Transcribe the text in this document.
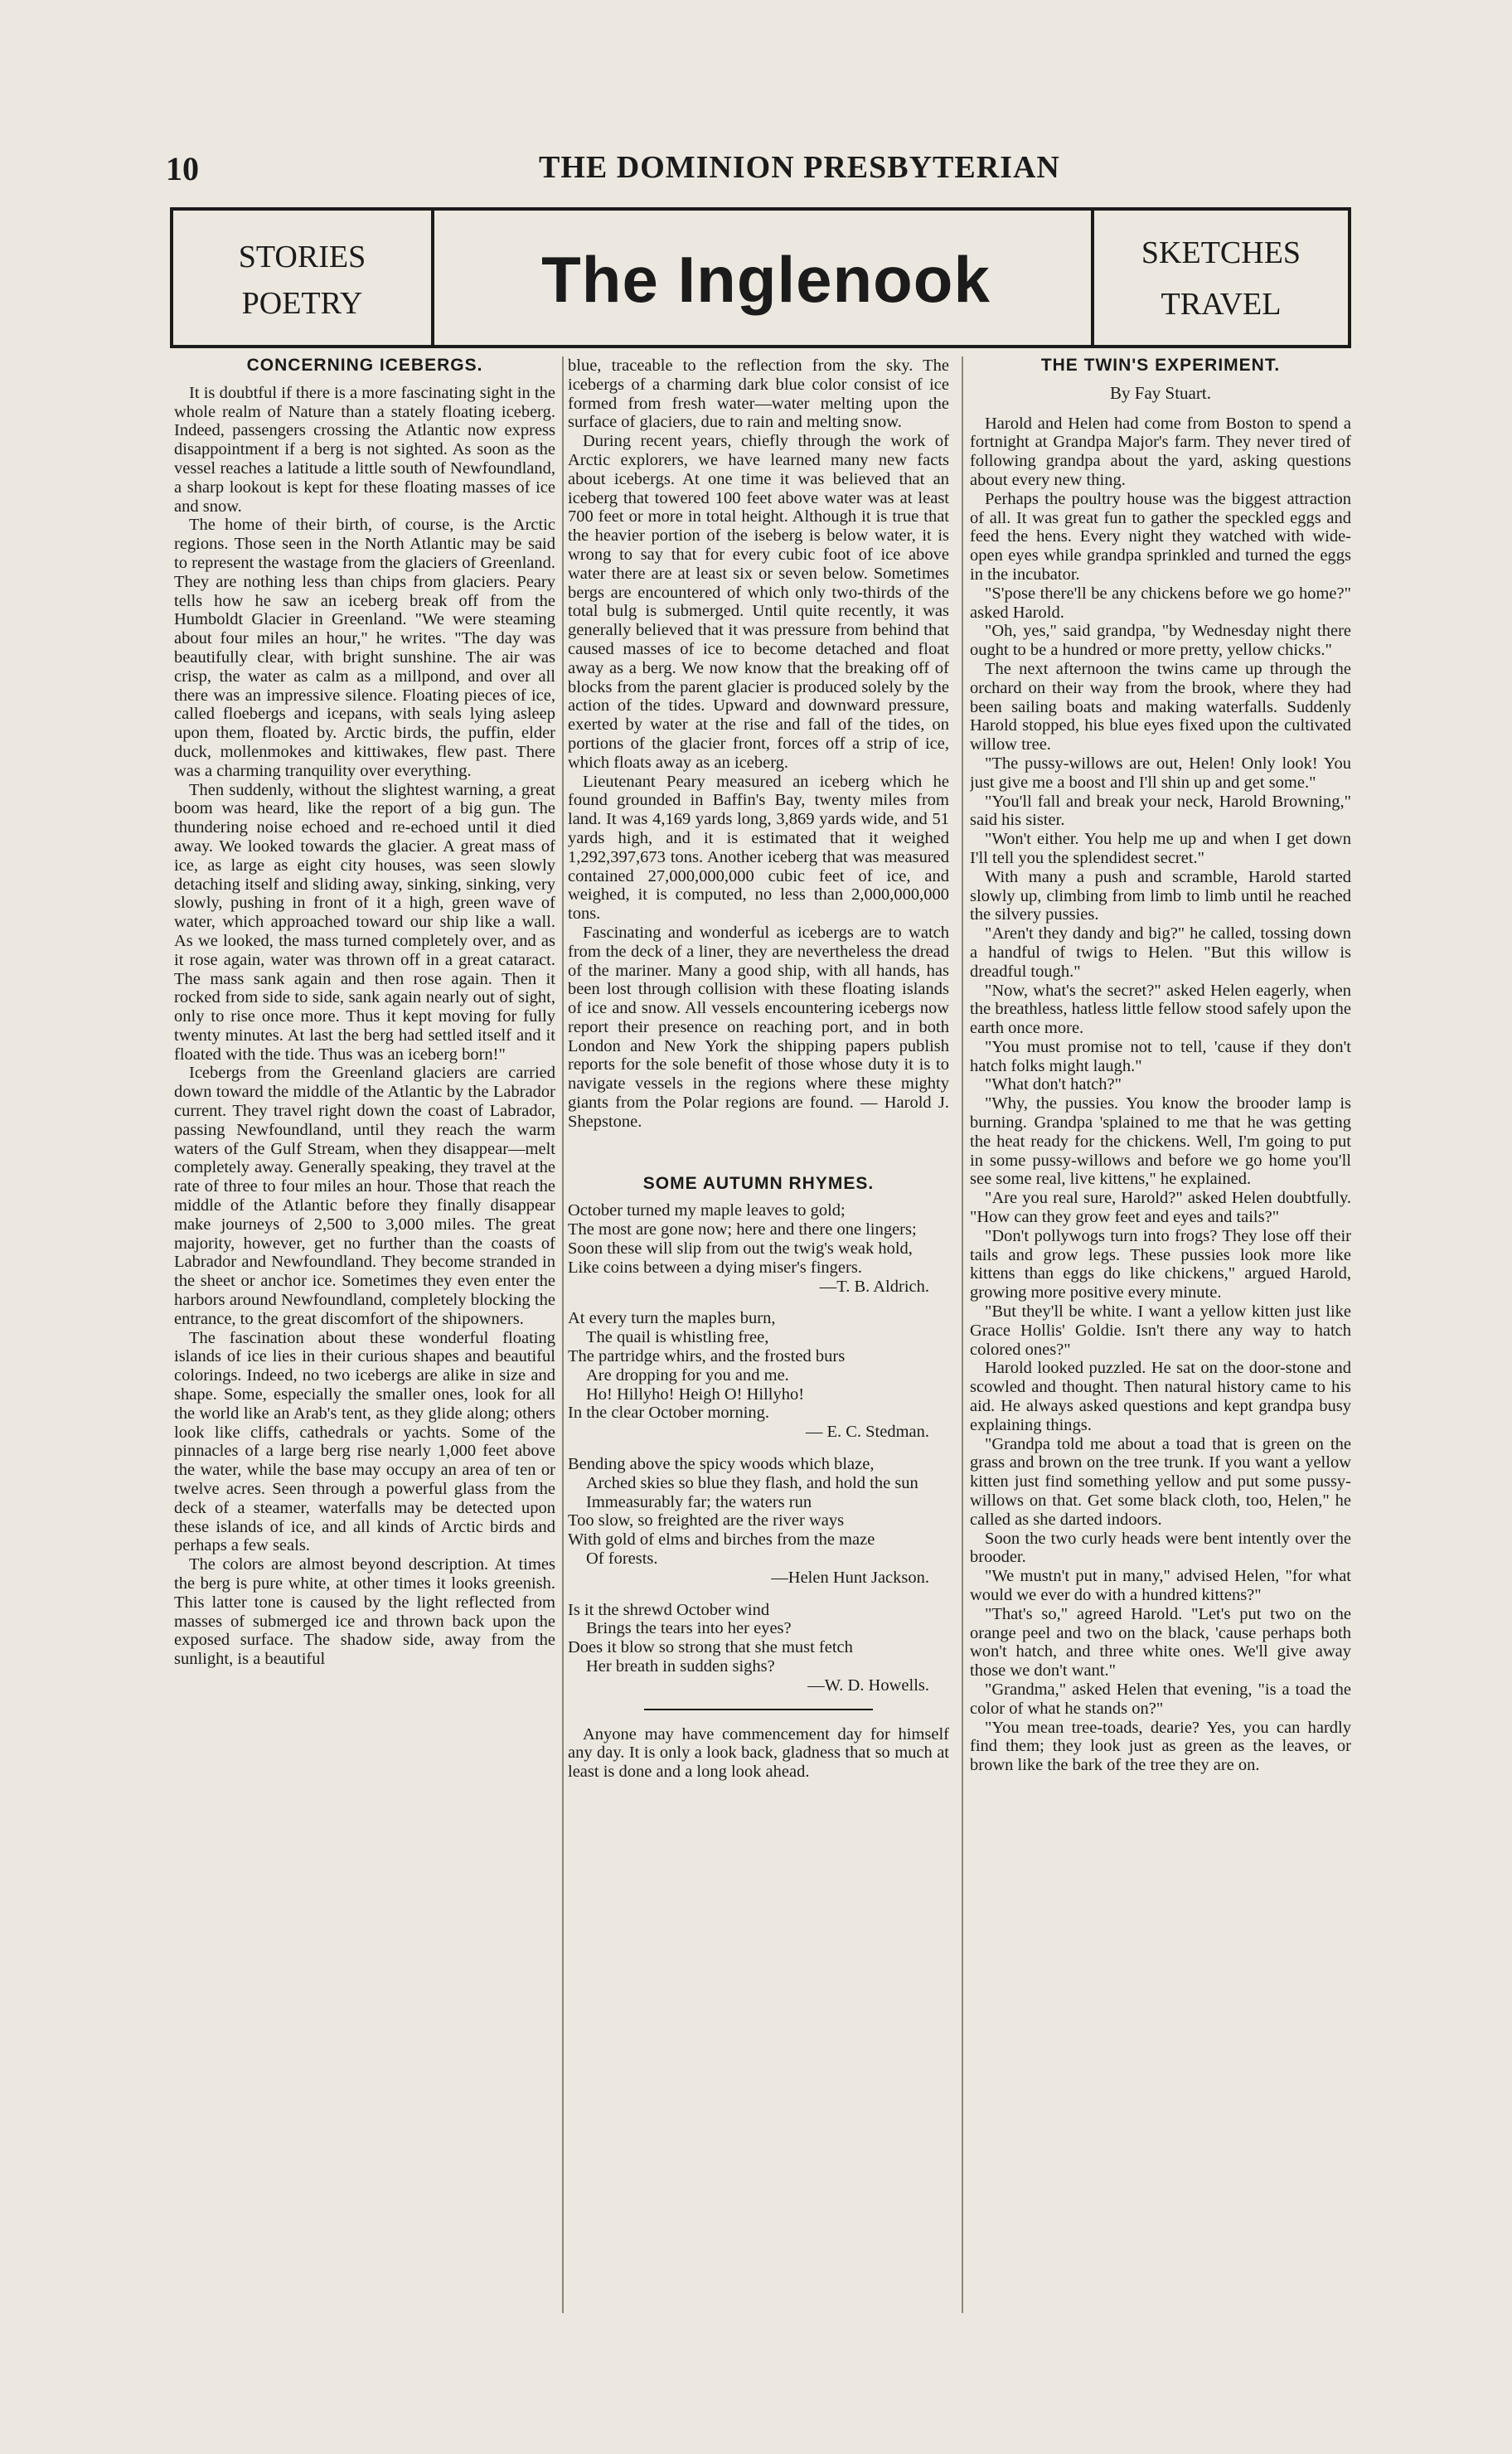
10	THE DOMINION PRESBYTERIAN
STORIES
POETRY	The Inglenook	SKETCHES
TRAVEL
CONCERNING ICEBERGS.

It is doubtful if there is a more fascinating sight in the whole realm of Nature than a stately floating iceberg. Indeed, passengers crossing the Atlantic now express disappointment if a berg is not sighted. As soon as the vessel reaches a latitude a little south of Newfoundland, a sharp lookout is kept for these floating masses of ice and snow.

The home of their birth, of course, is the Arctic regions. Those seen in the North Atlantic may be said to represent the wastage from the glaciers of Greenland. They are nothing less than chips from glaciers. Peary tells how he saw an iceberg break off from the Humboldt Glacier in Greenland. "We were steaming about four miles an hour," he writes. "The day was beautifully clear, with bright sunshine. The air was crisp, the water as calm as a millpond, and over all there was an impressive silence. Floating pieces of ice, called floebergs and icepans, with seals lying asleep upon them, floated by. Arctic birds, the puffin, elder duck, mollenmokes and kittiwakes, flew past. There was a charming tranquility over everything.

Then suddenly, without the slightest warning, a great boom was heard, like the report of a big gun. The thundering noise echoed and re-echoed until it died away. We looked towards the glacier. A great mass of ice, as large as eight city houses, was seen slowly detaching itself and sliding away, sinking, sinking, very slowly, pushing in front of it a high, green wave of water, which approached toward our ship like a wall. As we looked, the mass turned completely over, and as it rose again, water was thrown off in a great cataract. The mass sank again and then rose again. Then it rocked from side to side, sank again nearly out of sight, only to rise once more. Thus it kept moving for fully twenty minutes. At last the berg had settled itself and it floated with the tide. Thus was an iceberg born!"

Icebergs from the Greenland glaciers are carried down toward the middle of the Atlantic by the Labrador current. They travel right down the coast of Labrador, passing Newfoundland, until they reach the warm waters of the Gulf Stream, when they disappear—melt completely away. Generally speaking, they travel at the rate of three to four miles an hour. Those that reach the middle of the Atlantic before they finally disappear make journeys of 2,500 to 3,000 miles. The great majority, however, get no further than the coasts of Labrador and Newfoundland. They become stranded in the sheet or anchor ice. Sometimes they even enter the harbors around Newfoundland, completely blocking the entrance, to the great discomfort of the shipowners.

The fascination about these wonderful floating islands of ice lies in their curious shapes and beautiful colorings. Indeed, no two icebergs are alike in size and shape. Some, especially the smaller ones, look for all the world like an Arab's tent, as they glide along; others look like cliffs, cathedrals or yachts. Some of the pinnacles of a large berg rise nearly 1,000 feet above the water, while the base may occupy an area of ten or twelve acres. Seen through a powerful glass from the deck of a steamer, waterfalls may be detected upon these islands of ice, and all kinds of Arctic birds and perhaps a few seals.

The colors are almost beyond description. At times the berg is pure white, at other times it looks greenish. This latter tone is caused by the light reflected from masses of submerged ice and thrown back upon the exposed surface. The shadow side, away from the sunlight, is a beautiful

blue, traceable to the reflection from the sky. The icebergs of a charming dark blue color consist of ice formed from fresh water—water melting upon the surface of glaciers, due to rain and melting snow.

During recent years, chiefly through the work of Arctic explorers, we have learned many new facts about icebergs. At one time it was believed that an iceberg that towered 100 feet above water was at least 700 feet or more in total height. Although it is true that the heavier portion of the iseberg is below water, it is wrong to say that for every cubic foot of ice above water there are at least six or seven below. Sometimes bergs are encountered of which only two-thirds of the total bulg is submerged. Until quite recently, it was generally believed that it was pressure from behind that caused masses of ice to become detached and float away as a berg. We now know that the breaking off of blocks from the parent glacier is produced solely by the action of the tides. Upward and downward pressure, exerted by water at the rise and fall of the tides, on portions of the glacier front, forces off a strip of ice, which floats away as an iceberg.

Lieutenant Peary measured an iceberg which he found grounded in Baffin's Bay, twenty miles from land. It was 4,169 yards long, 3,869 yards wide, and 51 yards high, and it is estimated that it weighed 1,292,397,673 tons. Another iceberg that was measured contained 27,000,000,000 cubic feet of ice, and weighed, it is computed, no less than 2,000,000,000 tons.

Fascinating and wonderful as icebergs are to watch from the deck of a liner, they are nevertheless the dread of the mariner. Many a good ship, with all hands, has been lost through collision with these floating islands of ice and snow. All vessels encountering icebergs now report their presence on reaching port, and in both London and New York the shipping papers publish reports for the sole benefit of those whose duty it is to navigate vessels in the regions where these mighty giants from the Polar regions are found. — Harold J. Shepstone.

SOME AUTUMN RHYMES.
October turned my maple leaves to gold;
The most are gone now; here and there one lingers;
Soon these will slip from out the twig's weak hold,
Like coins between a dying miser's fingers.
—T. B. Aldrich.
At every turn the maples burn,
The quail is whistling free,
The partridge whirs, and the frosted burs
Are dropping for you and me.
Ho! Hillyho! Heigh O! Hillyho!
In the clear October morning.
— E. C. Stedman.
Bending above the spicy woods which blaze,
Arched skies so blue they flash, and hold the sun
Immeasurably far; the waters run
Too slow, so freighted are the river ways
With gold of elms and birches from the maze
Of forests.
—Helen Hunt Jackson.
Is it the shrewd October wind
Brings the tears into her eyes?
Does it blow so strong that she must fetch
Her breath in sudden sighs?
—W. D. Howells.

Anyone may have commencement day for himself any day. It is only a look back, gladness that so much at least is done and a long look ahead.

THE TWIN'S EXPERIMENT.
By Fay Stuart.

Harold and Helen had come from Boston to spend a fortnight at Grandpa Major's farm. They never tired of following grandpa about the yard, asking questions about every new thing.

Perhaps the poultry house was the biggest attraction of all. It was great fun to gather the speckled eggs and feed the hens. Every night they watched with wide-open eyes while grandpa sprinkled and turned the eggs in the incubator.

"S'pose there'll be any chickens before we go home?" asked Harold.

"Oh, yes," said grandpa, "by Wednesday night there ought to be a hundred or more pretty, yellow chicks."

The next afternoon the twins came up through the orchard on their way from the brook, where they had been sailing boats and making waterfalls. Suddenly Harold stopped, his blue eyes fixed upon the cultivated willow tree.

"The pussy-willows are out, Helen! Only look! You just give me a boost and I'll shin up and get some."

"You'll fall and break your neck, Harold Browning," said his sister.

"Won't either. You help me up and when I get down I'll tell you the splendidest secret."

With many a push and scramble, Harold started slowly up, climbing from limb to limb until he reached the silvery pussies.

"Aren't they dandy and big?" he called, tossing down a handful of twigs to Helen. "But this willow is dreadful tough."

"Now, what's the secret?" asked Helen eagerly, when the breathless, hatless little fellow stood safely upon the earth once more.

"You must promise not to tell, 'cause if they don't hatch folks might laugh."

"What don't hatch?"

"Why, the pussies. You know the brooder lamp is burning. Grandpa 'splained to me that he was getting the heat ready for the chickens. Well, I'm going to put in some pussy-willows and before we go home you'll see some real, live kittens," he explained.

"Are you real sure, Harold?" asked Helen doubtfully. "How can they grow feet and eyes and tails?"

"Don't pollywogs turn into frogs? They lose off their tails and grow legs. These pussies look more like kittens than eggs do like chickens," argued Harold, growing more positive every minute.

"But they'll be white. I want a yellow kitten just like Grace Hollis' Goldie. Isn't there any way to hatch colored ones?"

Harold looked puzzled. He sat on the door-stone and scowled and thought. Then natural history came to his aid. He always asked questions and kept grandpa busy explaining things.

"Grandpa told me about a toad that is green on the grass and brown on the tree trunk. If you want a yellow kitten just find something yellow and put some pussy-willows on that. Get some black cloth, too, Helen," he called as she darted indoors.

Soon the two curly heads were bent intently over the brooder.

"We mustn't put in many," advised Helen, "for what would we ever do with a hundred kittens?"

"That's so," agreed Harold. "Let's put two on the orange peel and two on the black, 'cause perhaps both won't hatch, and three white ones. We'll give away those we don't want."

"Grandma," asked Helen that evening, "is a toad the color of what he stands on?"

"You mean tree-toads, dearie? Yes, you can hardly find them; they look just as green as the leaves, or brown like the bark of the tree they are on.
